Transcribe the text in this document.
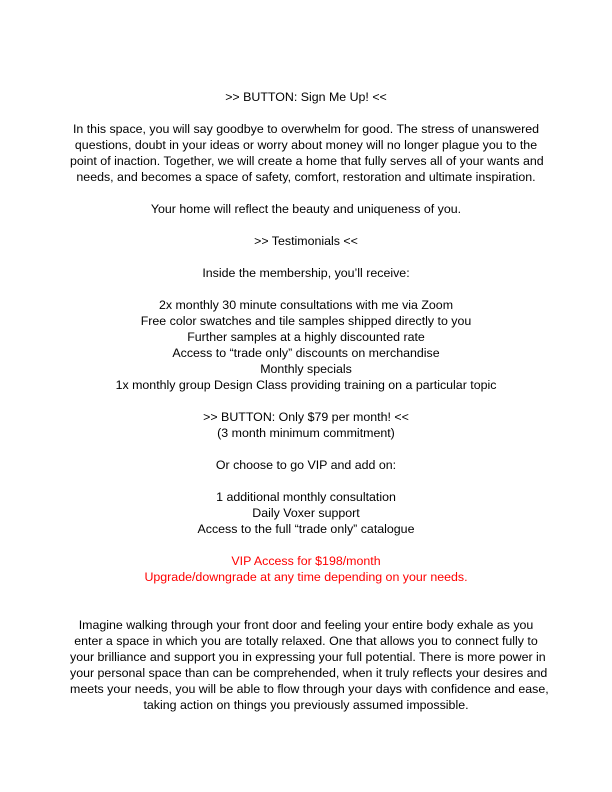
>> BUTTON: Sign Me Up! <<
In this space, you will say goodbye to overwhelm for good. The stress of unanswered
questions, doubt in your ideas or worry about money will no longer plague you to the
point of inaction. Together, we will create a home that fully serves all of your wants and
needs, and becomes a space of safety, comfort, restoration and ultimate inspiration.
Your home will reflect the beauty and uniqueness of you.
>> Testimonials <<
Inside the membership, you’ll receive:
2x monthly 30 minute consultations with me via Zoom
Free color swatches and tile samples shipped directly to you
Further samples at a highly discounted rate
Access to “trade only” discounts on merchandise
Monthly specials
1x monthly group Design Class providing training on a particular topic
>> BUTTON: Only $79 per month! <<
(3 month minimum commitment)
Or choose to go VIP and add on:
1 additional monthly consultation
Daily Voxer support
Access to the full “trade only” catalogue
VIP Access for $198/month
Upgrade/downgrade at any time depending on your needs.
Imagine walking through your front door and feeling your entire body exhale as you
enter a space in which you are totally relaxed. One that allows you to connect fully to
your brilliance and support you in expressing your full potential. There is more power in
your personal space than can be comprehended, when it truly reflects your desires and
meets your needs, you will be able to flow through your days with confidence and ease,
taking action on things you previously assumed impossible.
